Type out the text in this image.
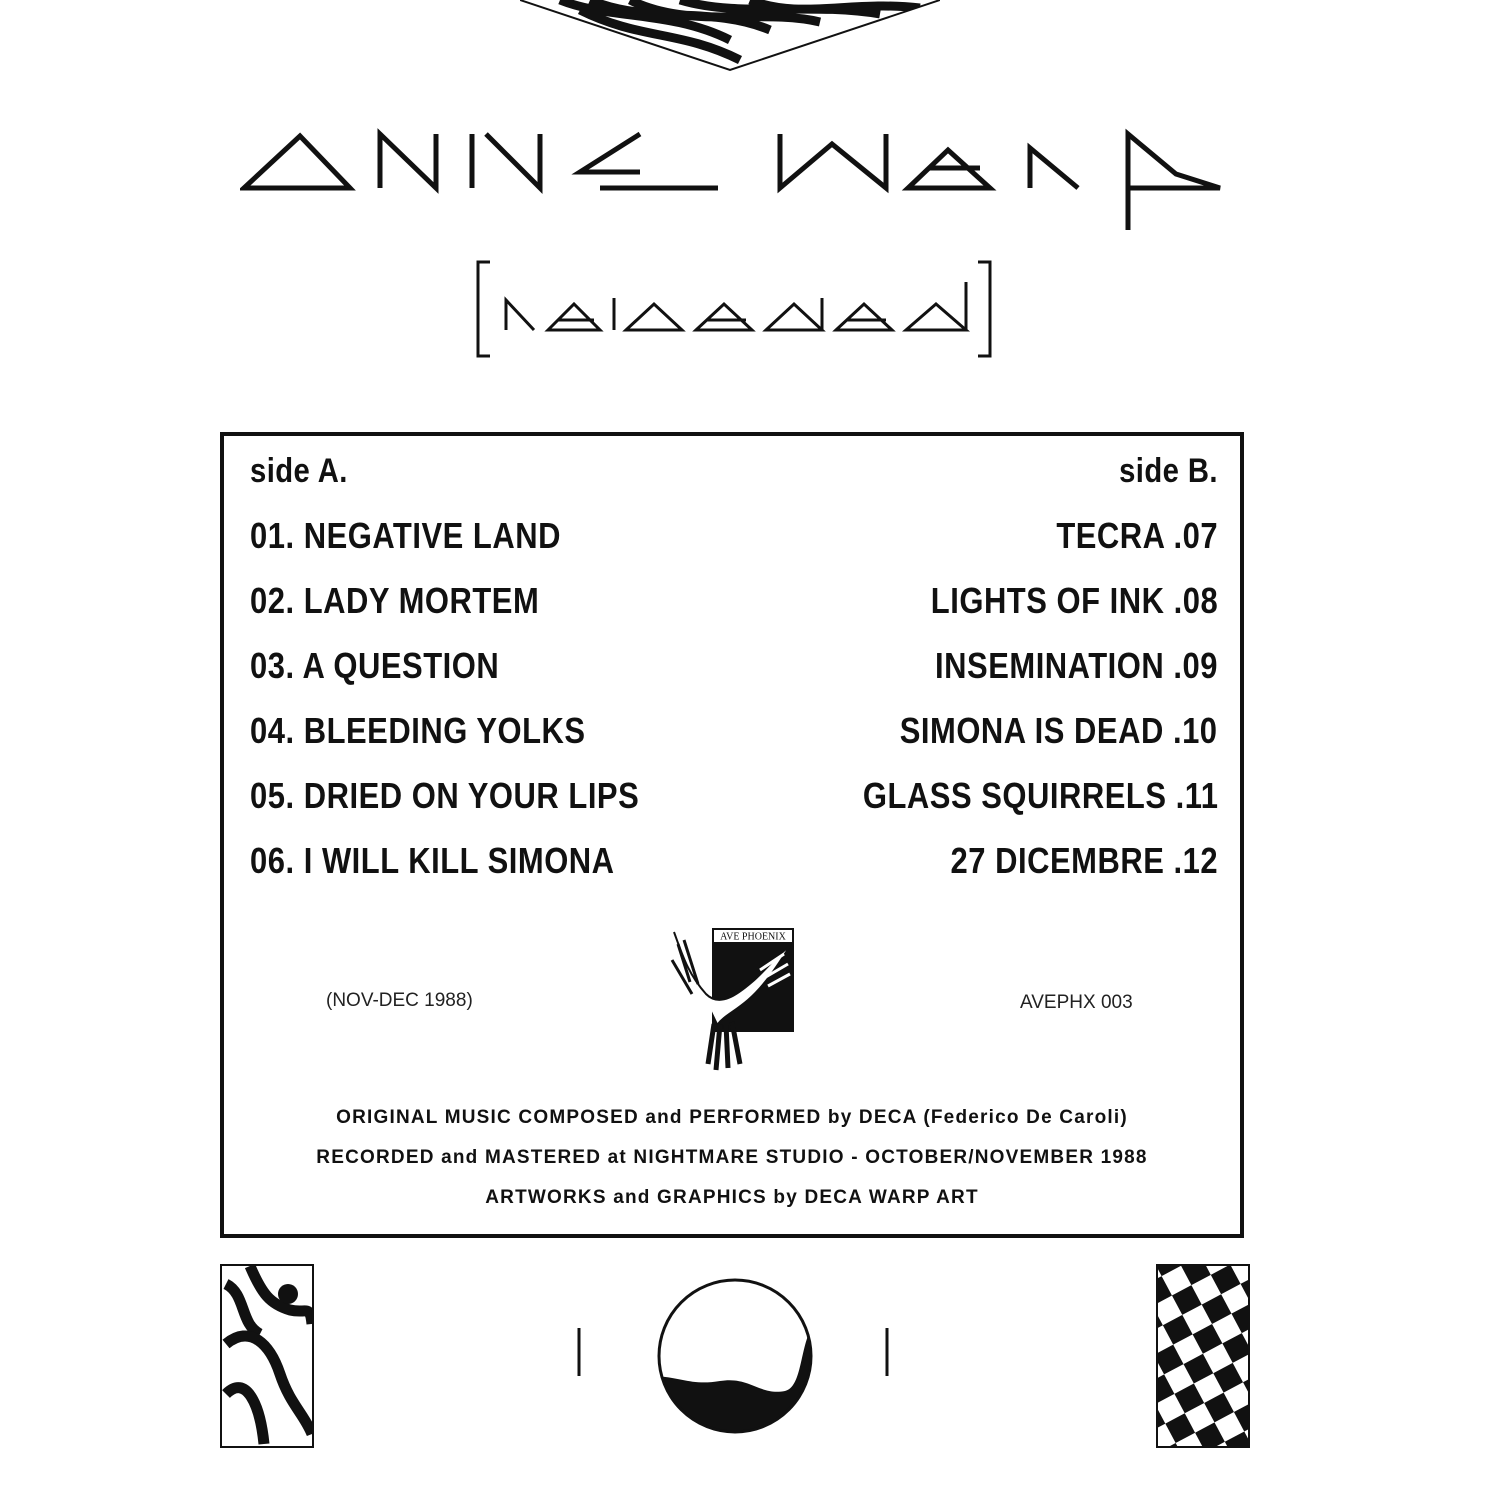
side A.	side B.
01. NEGATIVE LAND
02. LADY MORTEM
03. A QUESTION
04. BLEEDING YOLKS
05. DRIED ON YOUR LIPS
06. I WILL KILL SIMONA
TECRA .07
LIGHTS OF INK .08
INSEMINATION .09
SIMONA IS DEAD .10
GLASS SQUIRRELS .11
27 DICEMBRE .12
(NOV-DEC 1988)	AVEPHX 003
AVE PHOENIX
ORIGINAL MUSIC COMPOSED and PERFORMED by DECA (Federico De Caroli)
RECORDED and MASTERED at NIGHTMARE STUDIO - OCTOBER/NOVEMBER 1988
ARTWORKS and GRAPHICS by DECA WARP ART
